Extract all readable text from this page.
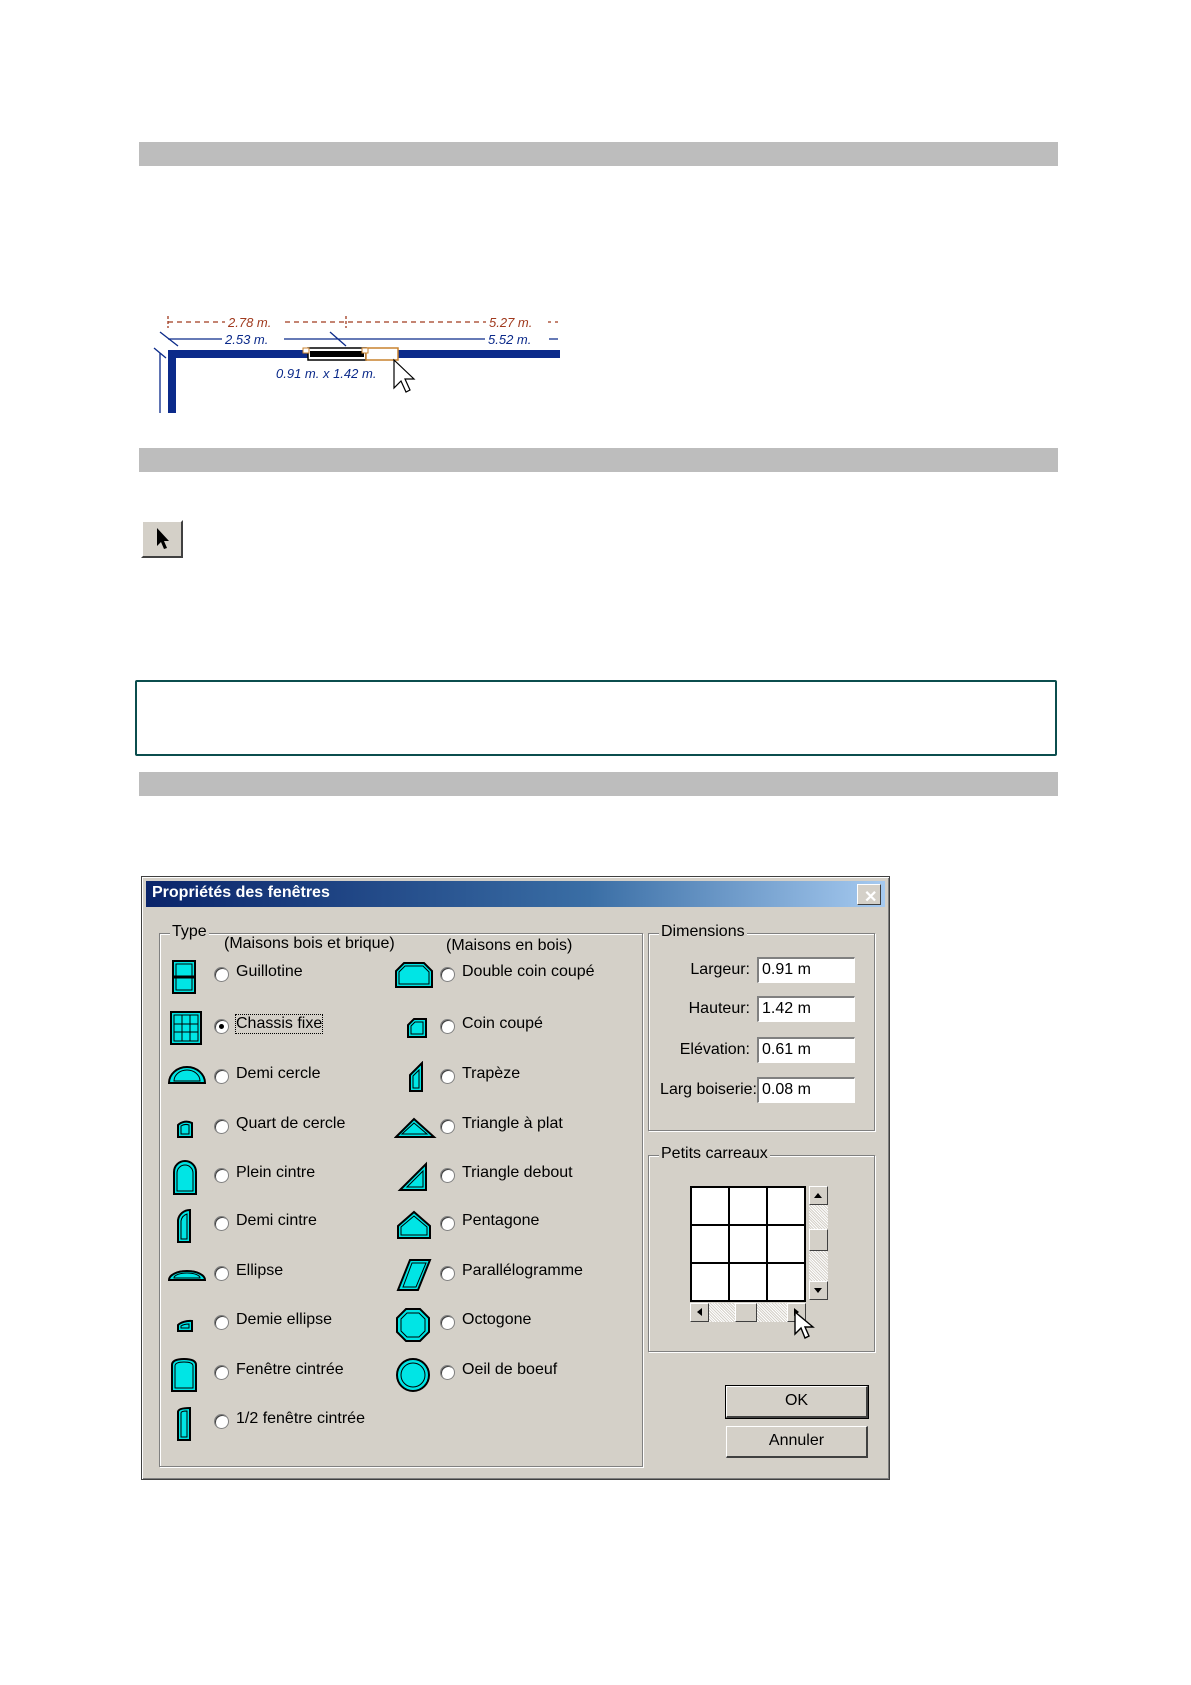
2.78 m.	5.27 m.
2.53 m.	5.52 m.
0.91 m. x 1.42 m.
Propriétés des fenêtres	✕
Type
(Maisons bois et brique)	(Maisons en bois)
Guillotine
Chassis fixe
Demi cercle
Quart de cercle
Plein cintre
Demi cintre
Ellipse
Demie ellipse
Fenêtre cintrée
1/2 fenêtre cintrée
Double coin coupé
Coin coupé
Trapèze
Triangle à plat
Triangle debout
Pentagone
Parallélogramme
Octogone
Oeil de boeuf
Dimensions
Largeur: 0.91 m
Hauteur: 1.42 m
Elévation: 0.61 m
Larg boiserie: 0.08 m
Petits carreaux
OK
Annuler
